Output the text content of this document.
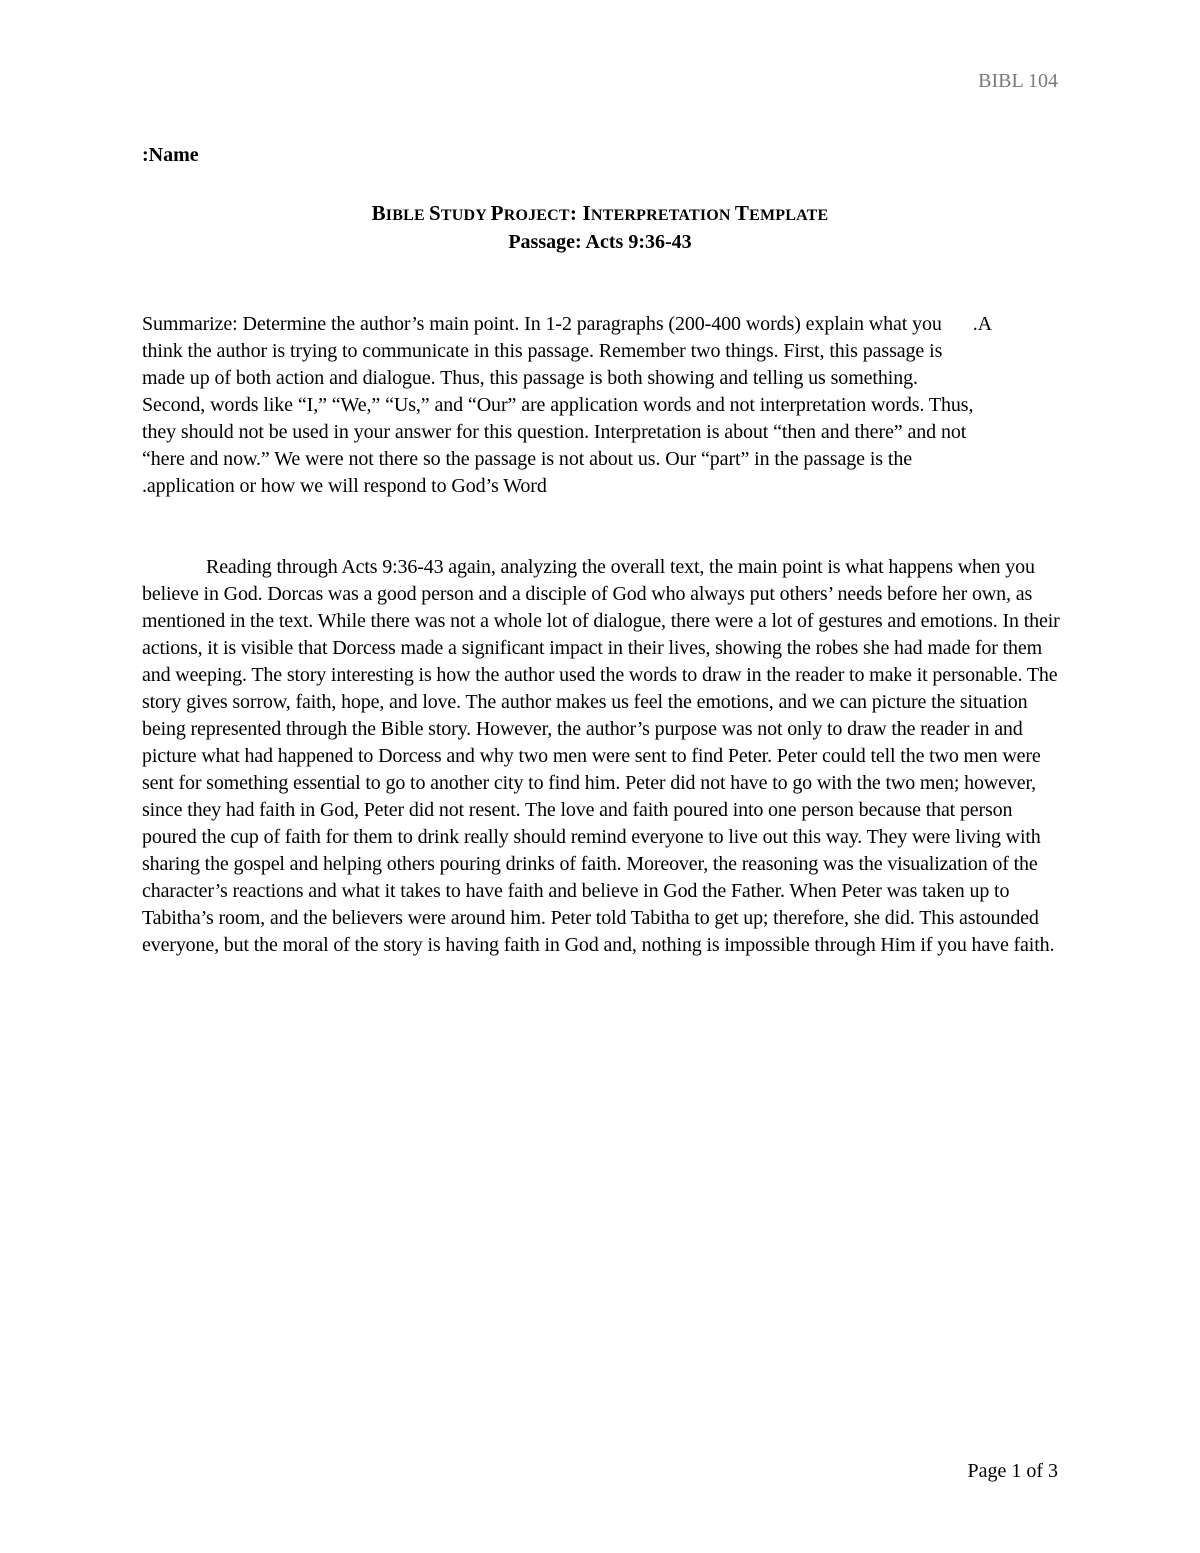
BIBL 104
:Name
BIBLE STUDY PROJECT: INTERPRETATION TEMPLATE
Passage: Acts 9:36-43

Summarize: Determine the author’s main point. In 1-2 paragraphs (200-400 words) explain what you think the author is trying to communicate in this passage. Remember two things. First, this passage is made up of both action and dialogue. Thus, this passage is both showing and telling us something. Second, words like “I,” “We,” “Us,” and “Our” are application words and not interpretation words. Thus, they should not be used in your answer for this question. Interpretation is about “then and there” and not “here and now.” We were not there so the passage is not about us. Our “part” in the passage is the .application or how we will respond to God’s Word
.A

Reading through Acts 9:36-43 again, analyzing the overall text, the main point is what happens when you believe in God. Dorcas was a good person and a disciple of God who always put others’ needs before her own, as mentioned in the text. While there was not a whole lot of dialogue, there were a lot of gestures and emotions. In their actions, it is visible that Dorcess made a significant impact in their lives, showing the robes she had made for them and weeping. The story interesting is how the author used the words to draw in the reader to make it personable. The story gives sorrow, faith, hope, and love. The author makes us feel the emotions, and we can picture the situation being represented through the Bible story. However, the author’s purpose was not only to draw the reader in and picture what had happened to Dorcess and why two men were sent to find Peter. Peter could tell the two men were sent for something essential to go to another city to find him. Peter did not have to go with the two men; however, since they had faith in God, Peter did not resent. The love and faith poured into one person because that person poured the cup of faith for them to drink really should remind everyone to live out this way. They were living with sharing the gospel and helping others pouring drinks of faith. Moreover, the reasoning was the visualization of the character’s reactions and what it takes to have faith and believe in God the Father. When Peter was taken up to Tabitha’s room, and the believers were around him. Peter told Tabitha to get up; therefore, she did. This astounded everyone, but the moral of the story is having faith in God and, nothing is impossible through Him if you have faith.

Page 1 of 3
